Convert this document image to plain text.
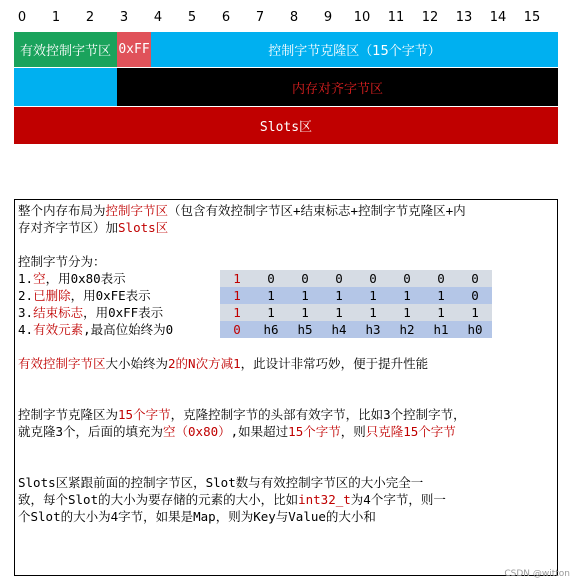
0	1	2	3	4	5	6	7	8	9	10	11	12	13	14	15
有效控制字节区 0xFF	控制字节克隆区（15个字节）
内存对齐字节区
Slots区

整个内存布局为控制字节区（包含有效控制字节区+结束标志+控制字节克隆区+内

存对齐字节区）加Slots区

控制字节分为：

1.空，用0x80表示	1	0	0	0	0	0	0	0
2.已删除，用0xFE表示	1	1	1	1	1	1	1	0
3.结束标志，用0xFF表示	1	1	1	1	1	1	1	1
4.有效元素,最高位始终为0	0	h6	h5	h4	h3	h2	h1	h0

有效控制字节区大小始终为2的N次方减1，此设计非常巧妙，便于提升性能

控制字节克隆区为15个字节，克隆控制字节的头部有效字节，比如3个控制字节，

就克隆3个，后面的填充为空（0x80）,如果超过15个字节，则只克隆15个字节

Slots区紧跟前面的控制字节区，Slot数与有效控制字节区的大小完全一

致，每个Slot的大小为要存储的元素的大小，比如int32_t为4个字节，则一

个Slot的大小为4字节，如果是Map，则为Key与Value的大小和

CSDN @witton
